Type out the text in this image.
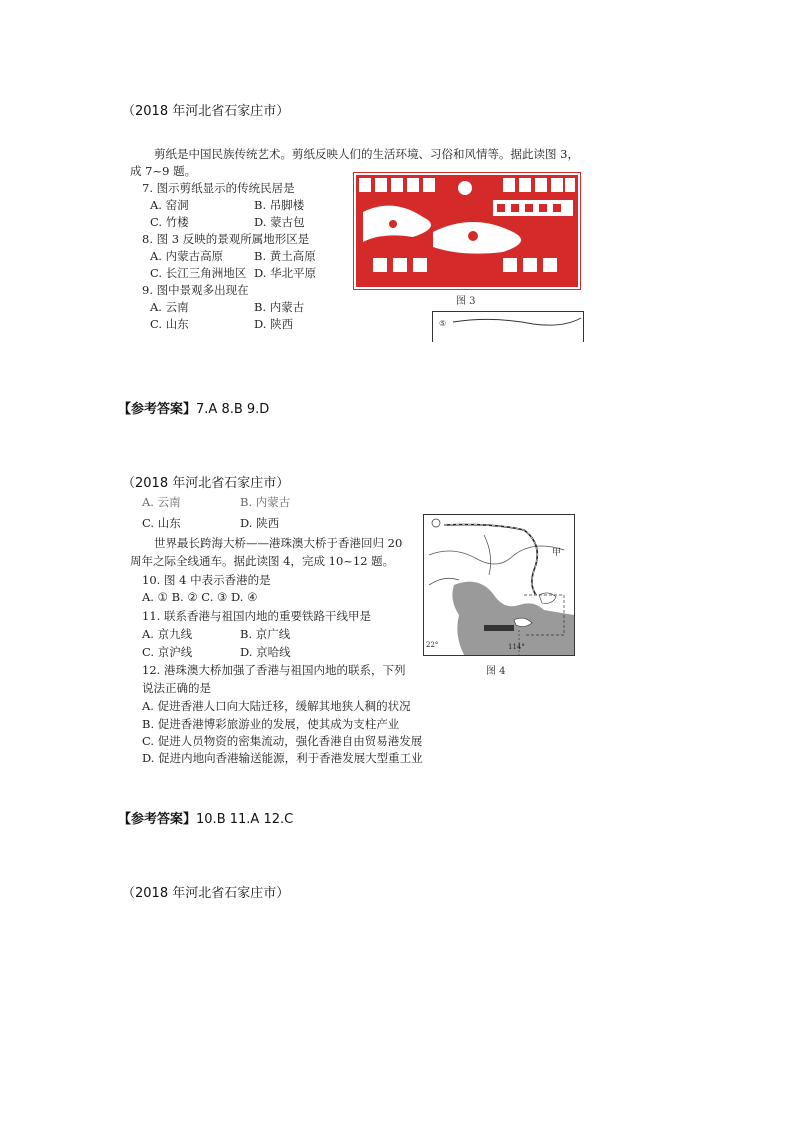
（2018 年河北省石家庄市）
剪纸是中国民族传统艺术。剪纸反映人们的生活环境、习俗和风情等。据此读图 3，
成 7~9 题。
7. 图示剪纸显示的传统民居是
A. 窑洞	B. 吊脚楼
C. 竹楼	D. 蒙古包
8. 图 3 反映的景观所属地形区是
A. 内蒙古高原	B. 黄土高原
C. 长江三角洲地区 D. 华北平原
9. 图中景观多出现在
A. 云南	B. 内蒙古
C. 山东	D. 陕西
图 3
⑤
【参考答案】7.A 8.B 9.D
（2018 年河北省石家庄市）
A. 云南	B. 内蒙古
C. 山东	D. 陕西
世界最长跨海大桥——港珠澳大桥于香港回归 20
周年之际全线通车。据此读图 4，完成 10~12 题。
10. 图 4 中表示香港的是
A. ① B. ② C. ③ D. ④
11. 联系香港与祖国内地的重要铁路干线甲是
A. 京九线	B. 京广线
C. 京沪线	D. 京哈线
12. 港珠澳大桥加强了香港与祖国内地的联系，下列
说法正确的是
A. 促进香港人口向大陆迁移，缓解其地狭人稠的状况
B. 促进香港博彩旅游业的发展，使其成为支柱产业
C. 促进人员物资的密集流动，强化香港自由贸易港发展
D. 促进内地向香港输送能源，利于香港发展大型重工业
甲
114°
22°
图 4
【参考答案】10.B 11.A 12.C
（2018 年河北省石家庄市）
